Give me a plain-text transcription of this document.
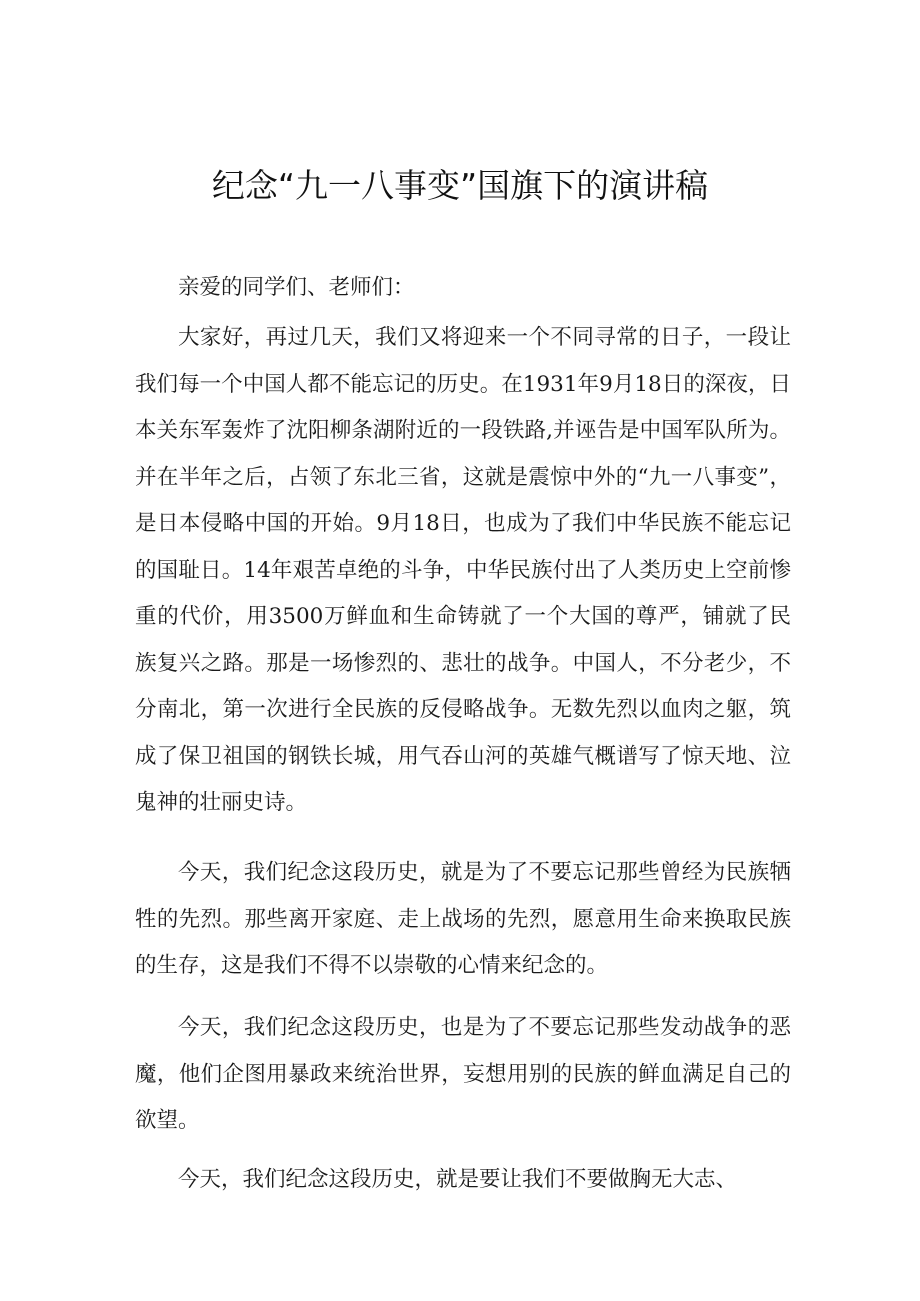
纪念“九一八事变”国旗下的演讲稿

亲爱的同学们、老师们：

大家好，再过几天，我们又将迎来一个不同寻常的日子，一段让我们每一个中国人都不能忘记的历史。在1931年9月18日的深夜，日本关东军轰炸了沈阳柳条湖附近的一段铁路,并诬告是中国军队所为。并在半年之后，占领了东北三省，这就是震惊中外的“九一八事变”，是日本侵略中国的开始。9月18日，也成为了我们中华民族不能忘记的国耻日。14年艰苦卓绝的斗争，中华民族付出了人类历史上空前惨重的代价，用3500万鲜血和生命铸就了一个大国的尊严，铺就了民族复兴之路。那是一场惨烈的、悲壮的战争。中国人，不分老少，不分南北，第一次进行全民族的反侵略战争。无数先烈以血肉之躯，筑成了保卫祖国的钢铁长城，用气吞山河的英雄气概谱写了惊天地、泣鬼神的壮丽史诗。

今天，我们纪念这段历史，就是为了不要忘记那些曾经为民族牺牲的先烈。那些离开家庭、走上战场的先烈，愿意用生命来换取民族的生存，这是我们不得不以崇敬的心情来纪念的。

今天，我们纪念这段历史，也是为了不要忘记那些发动战争的恶魔，他们企图用暴政来统治世界，妄想用别的民族的鲜血满足自己的欲望。

今天，我们纪念这段历史，就是要让我们不要做胸无大志、
